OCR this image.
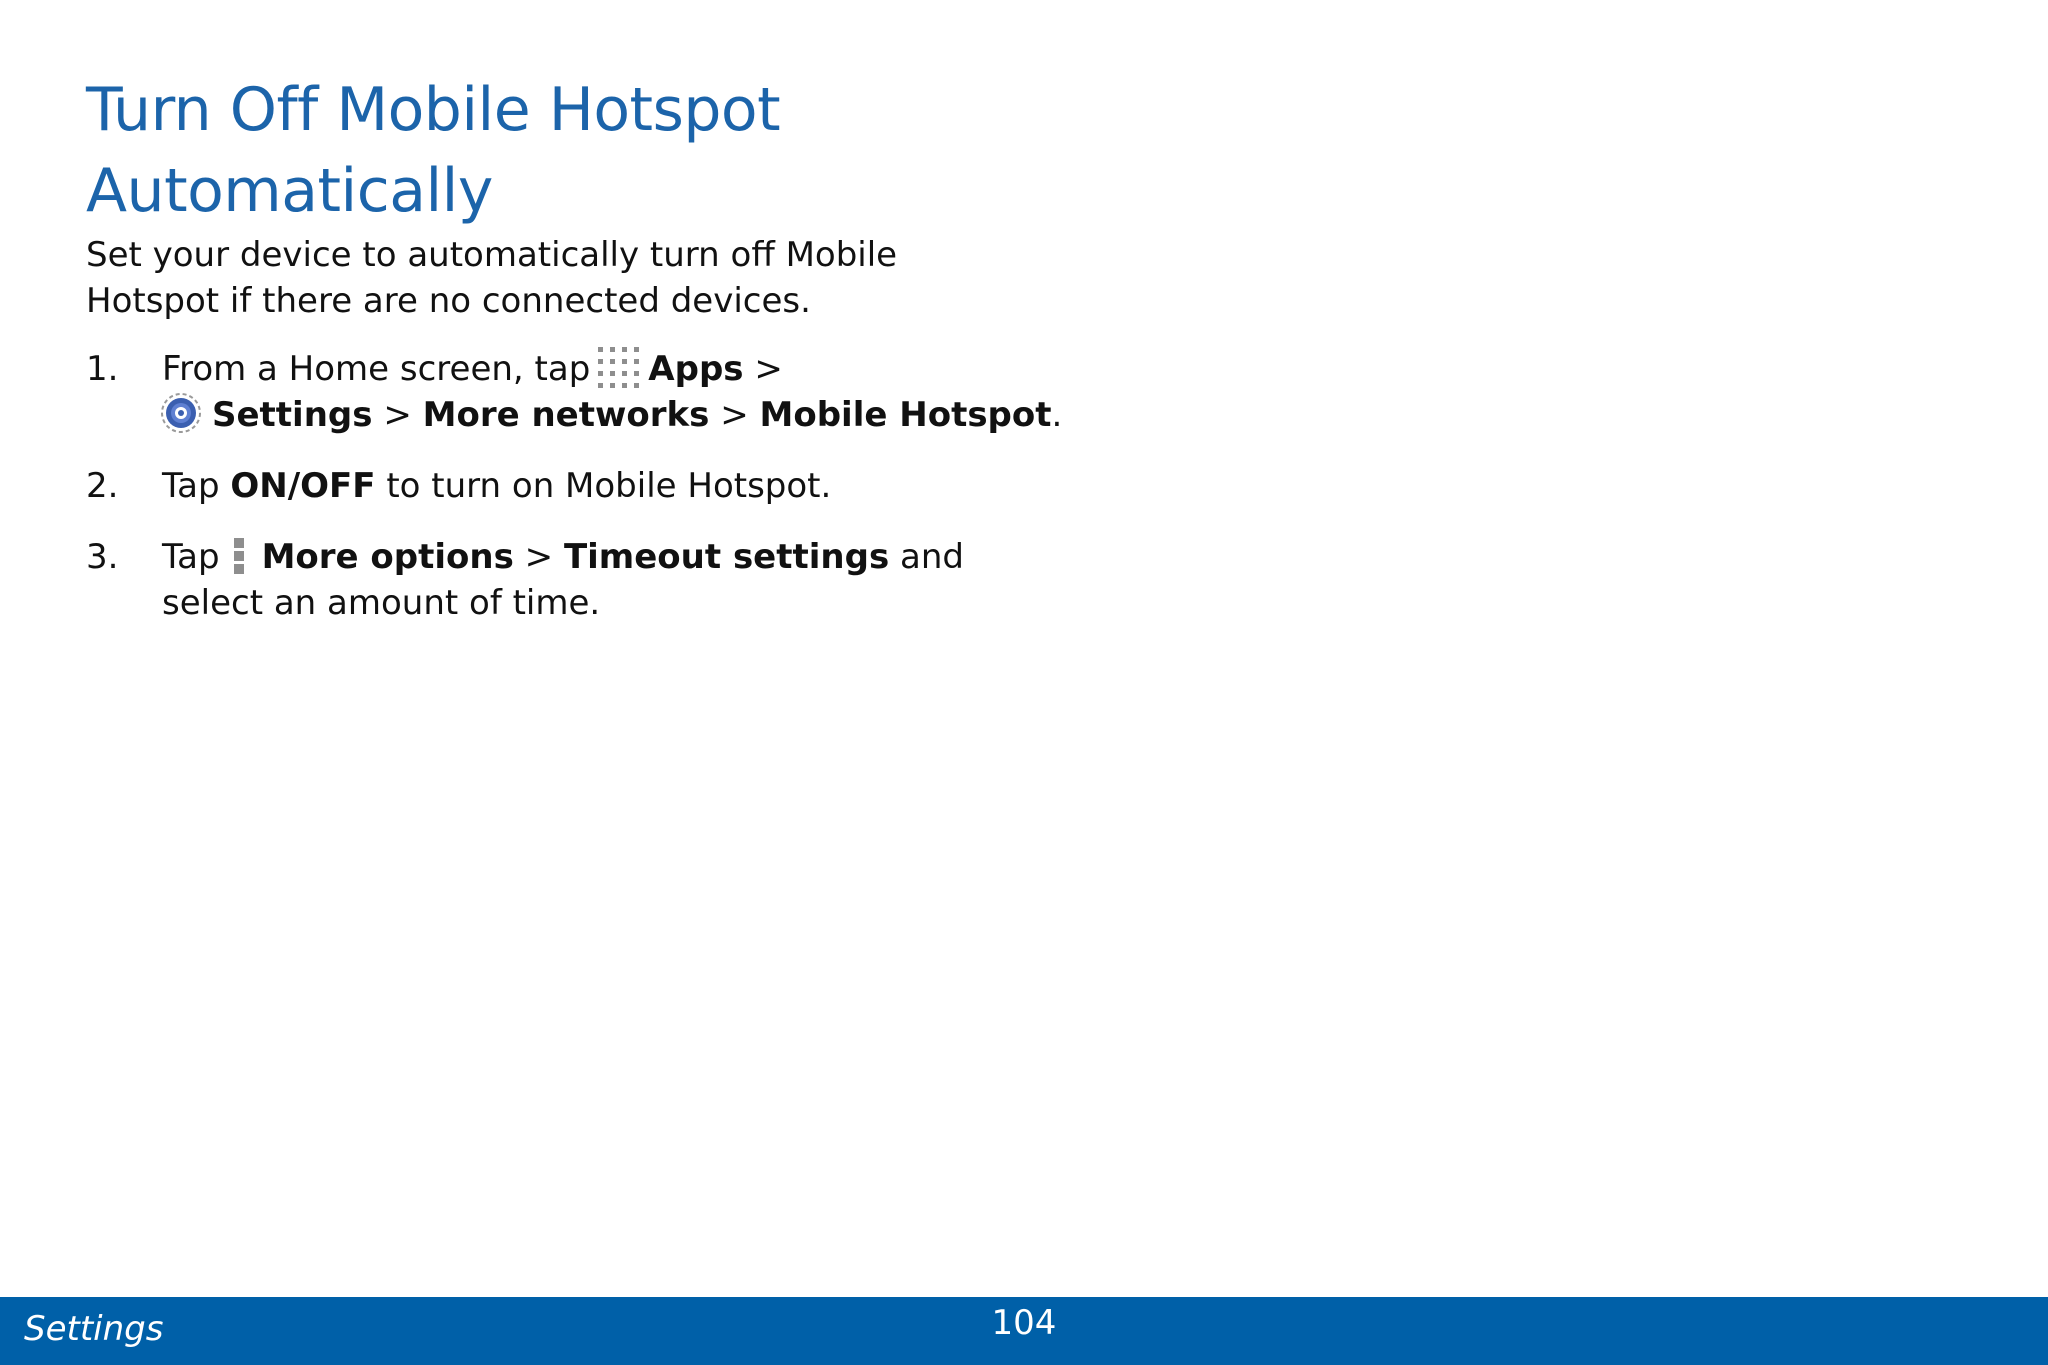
Turn Off Mobile Hotspot
Automatically

Set your device to automatically turn off Mobile
Hotspot if there are no connected devices.

1. From a Home screen, tap Apps >
Settings > More networks > Mobile Hotspot.
2. Tap ON/OFF to turn on Mobile Hotspot.
3. Tap More options > Timeout settings and
select an amount of time.
Settings	104
